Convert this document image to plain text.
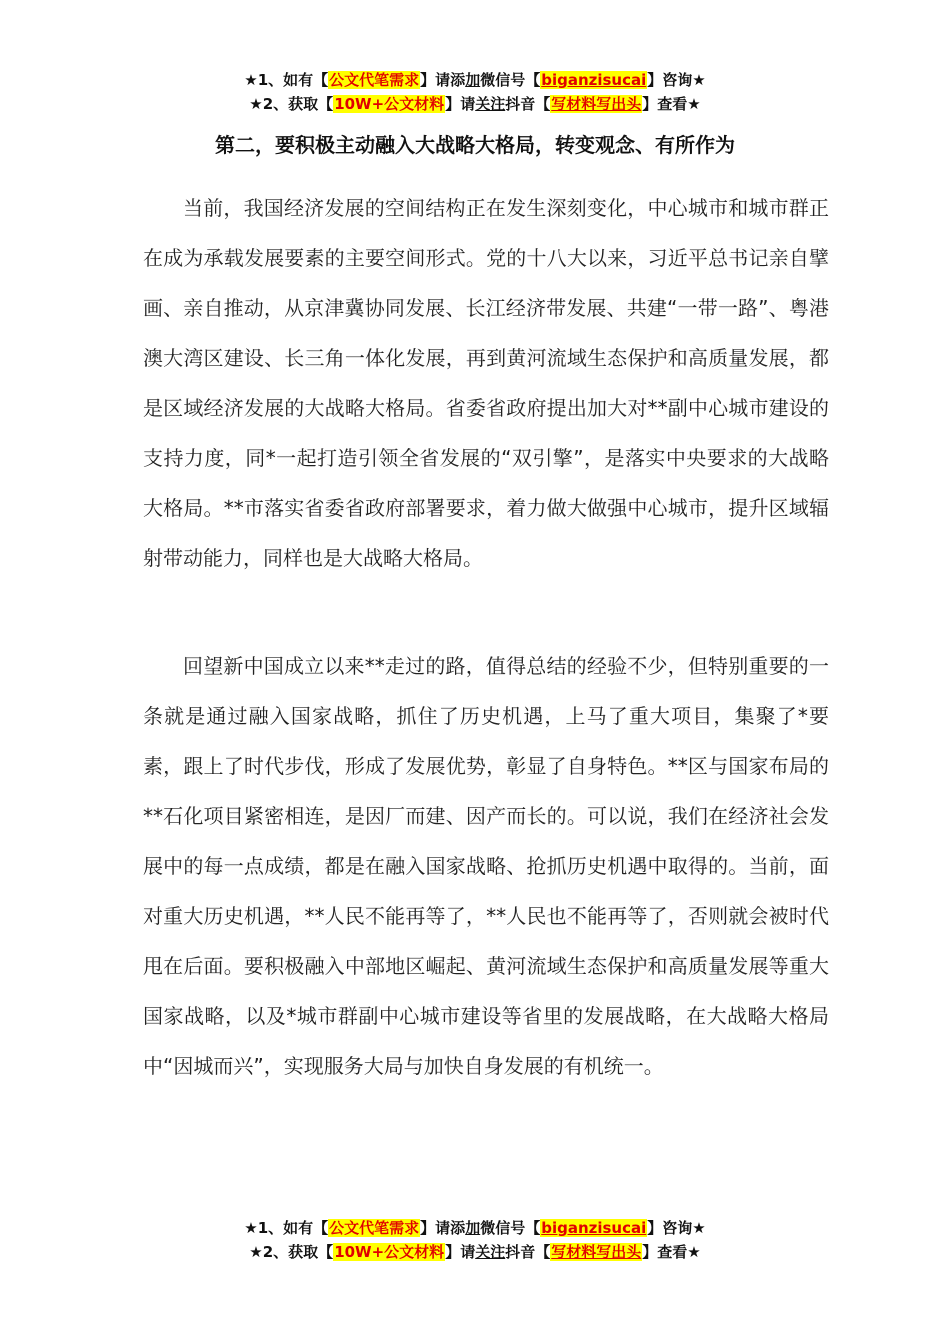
★1、如有【公文代笔需求】请添加微信号【biganzisucai】咨询★
★2、获取【10W+公文材料】请关注抖音【写材料写出头】查看★
第二，要积极主动融入大战略大格局，转变观念、有所作为

当前，我国经济发展的空间结构正在发生深刻变化，中心城市和城市群正在成为承载发展要素的主要空间形式。党的十八大以来，习近平总书记亲自擘画、亲自推动，从京津冀协同发展、长江经济带发展、共建“一带一路”、粤港澳大湾区建设、长三角一体化发展，再到黄河流域生态保护和高质量发展，都是区域经济发展的大战略大格局。省委省政府提出加大对**副中心城市建设的支持力度，同*一起打造引领全省发展的“双引擎”，是落实中央要求的大战略大格局。**市落实省委省政府部署要求，着力做大做强中心城市，提升区域辐射带动能力，同样也是大战略大格局。

回望新中国成立以来**走过的路，值得总结的经验不少，但特别重要的一条就是通过融入国家战略，抓住了历史机遇，上马了重大项目，集聚了*要素，跟上了时代步伐，形成了发展优势，彰显了自身特色。**区与国家布局的**石化项目紧密相连，是因厂而建、因产而长的。可以说，我们在经济社会发展中的每一点成绩，都是在融入国家战略、抢抓历史机遇中取得的。当前，面对重大历史机遇，**人民不能再等了，**人民也不能再等了，否则就会被时代甩在后面。要积极融入中部地区崛起、黄河流域生态保护和高质量发展等重大国家战略，以及*城市群副中心城市建设等省里的发展战略，在大战略大格局中“因城而兴”，实现服务大局与加快自身发展的有机统一。

★1、如有【公文代笔需求】请添加微信号【biganzisucai】咨询★
★2、获取【10W+公文材料】请关注抖音【写材料写出头】查看★
